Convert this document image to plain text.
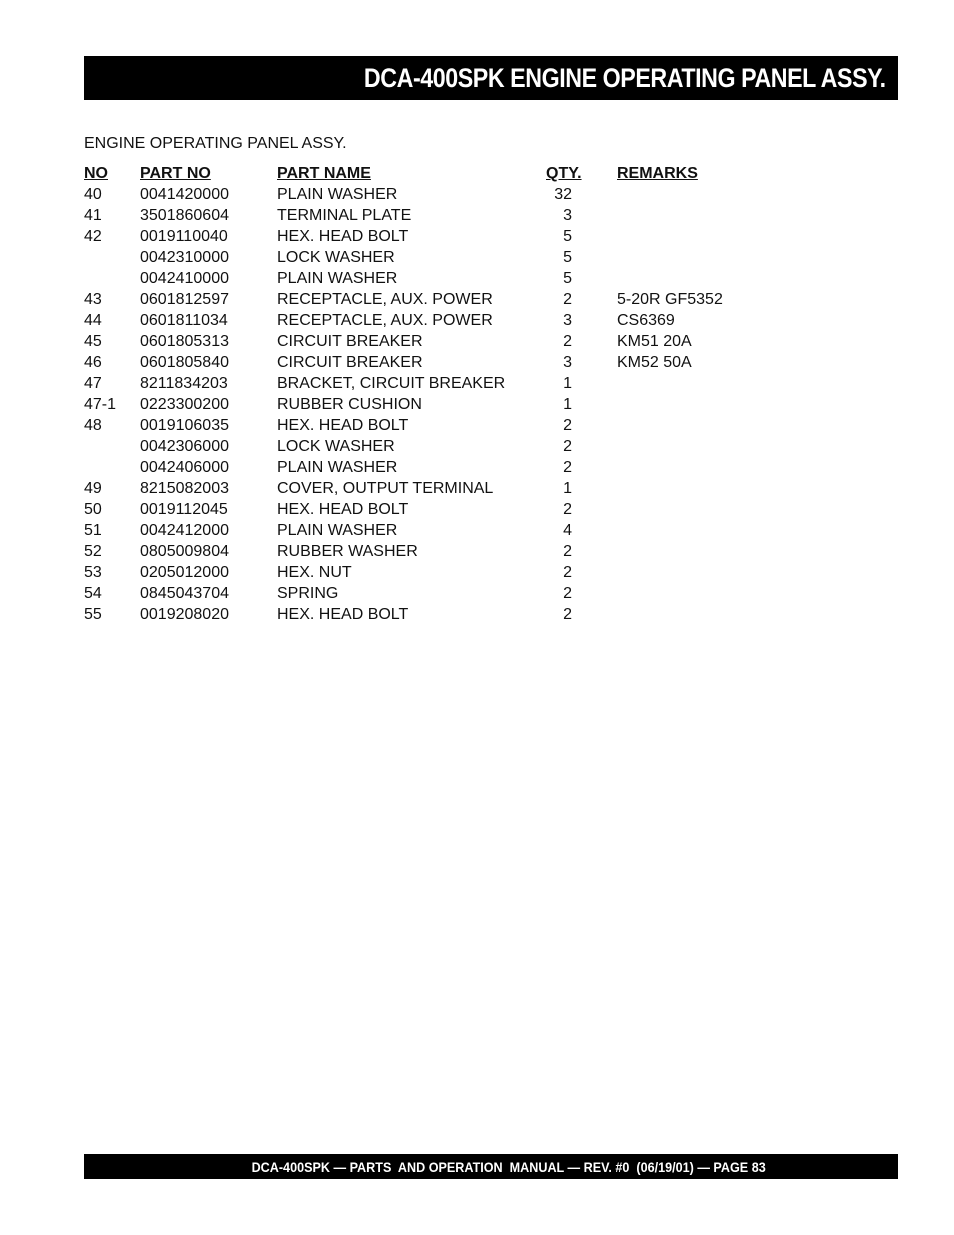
DCA-400SPK ENGINE OPERATING PANEL ASSY.
ENGINE OPERATING PANEL ASSY.
NO PART NO	PART NAME	QTY. REMARKS
40 0041420000	PLAIN WASHER	32
41 3501860604	TERMINAL PLATE	3
42 0019110040	HEX. HEAD BOLT	5
0042310000	LOCK WASHER	5
0042410000	PLAIN WASHER	5
43 0601812597	RECEPTACLE, AUX. POWER	2	5-20R GF5352
44 0601811034	RECEPTACLE, AUX. POWER	3	CS6369
45 0601805313	CIRCUIT BREAKER	2	KM51 20A
46 0601805840	CIRCUIT BREAKER	3	KM52 50A
47 8211834203	BRACKET, CIRCUIT BREAKER	1
47-1 0223300200	RUBBER CUSHION	1
48 0019106035	HEX. HEAD BOLT	2
0042306000	LOCK WASHER	2
0042406000	PLAIN WASHER	2
49 8215082003	COVER, OUTPUT TERMINAL	1
50 0019112045	HEX. HEAD BOLT	2
51 0042412000	PLAIN WASHER	4
52 0805009804	RUBBER WASHER	2
53 0205012000	HEX. NUT	2
54 0845043704	SPRING	2
55 0019208020	HEX. HEAD BOLT	2
DCA-400SPK — PARTS  AND OPERATION  MANUAL — REV. #0  (06/19/01) — PAGE 83
